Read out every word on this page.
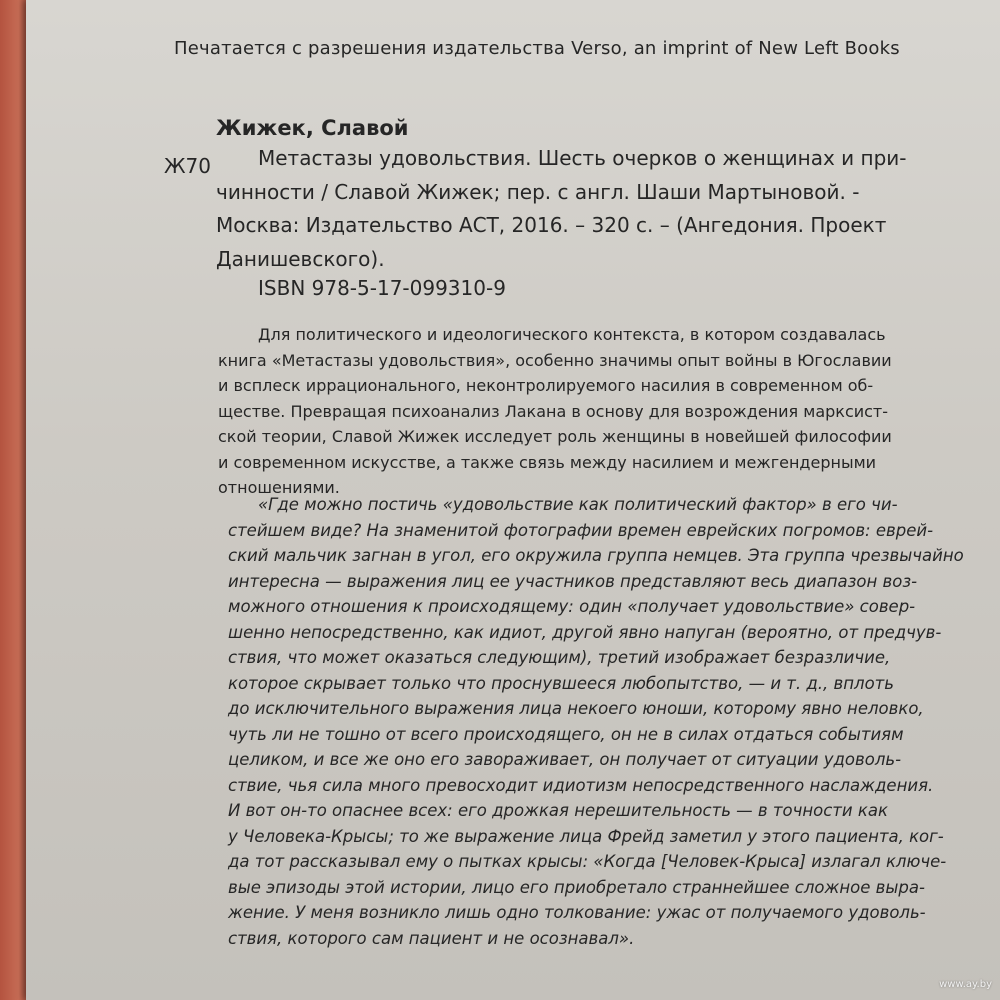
Печатается с разрешения издательства Verso, an imprint of New Left Books
Жижек, Славой
Ж70	Метастазы удовольствия. Шесть очерков о женщинах и при-
чинности / Славой Жижек; пер. с англ. Шаши Мартыновой. -
Москва: Издательство АСТ, 2016. – 320 с. – (Ангедония. Проект
Данишевского).
ISBN 978-5-17-099310-9
Для политического и идеологического контекста, в котором создавалась
книга «Метастазы удовольствия», особенно значимы опыт войны в Югославии
и всплеск иррационального, неконтролируемого насилия в современном об-
ществе. Превращая психоанализ Лакана в основу для возрождения марксист-
ской теории, Славой Жижек исследует роль женщины в новейшей философии
и современном искусстве, а также связь между насилием и межгендерными
отношениями.
«Где можно постичь «удовольствие как политический фактор» в его чи-
стейшем виде? На знаменитой фотографии времен еврейских погромов: еврей-
ский мальчик загнан в угол, его окружила группа немцев. Эта группа чрезвычайно
интересна — выражения лиц ее участников представляют весь диапазон воз-
можного отношения к происходящему: один «получает удовольствие» совер-
шенно непосредственно, как идиот, другой явно напуган (вероятно, от предчув-
ствия, что может оказаться следующим), третий изображает безразличие,
которое скрывает только что проснувшееся любопытство, — и т. д., вплоть
до исключительного выражения лица некоего юноши, которому явно неловко,
чуть ли не тошно от всего происходящего, он не в силах отдаться событиям
целиком, и все же оно его завораживает, он получает от ситуации удоволь-
ствие, чья сила много превосходит идиотизм непосредственного наслаждения.
И вот он-то опаснее всех: его дрожкая нерешительность — в точности как
у Человека-Крысы; то же выражение лица Фрейд заметил у этого пациента, ког-
да тот рассказывал ему о пытках крысы: «Когда [Человек-Крыса] излагал ключе-
вые эпизоды этой истории, лицо его приобретало страннейшее сложное выра-
жение. У меня возникло лишь одно толкование: ужас от получаемого удоволь-
ствия, которого сам пациент и не осознавал».
www.ay.by
